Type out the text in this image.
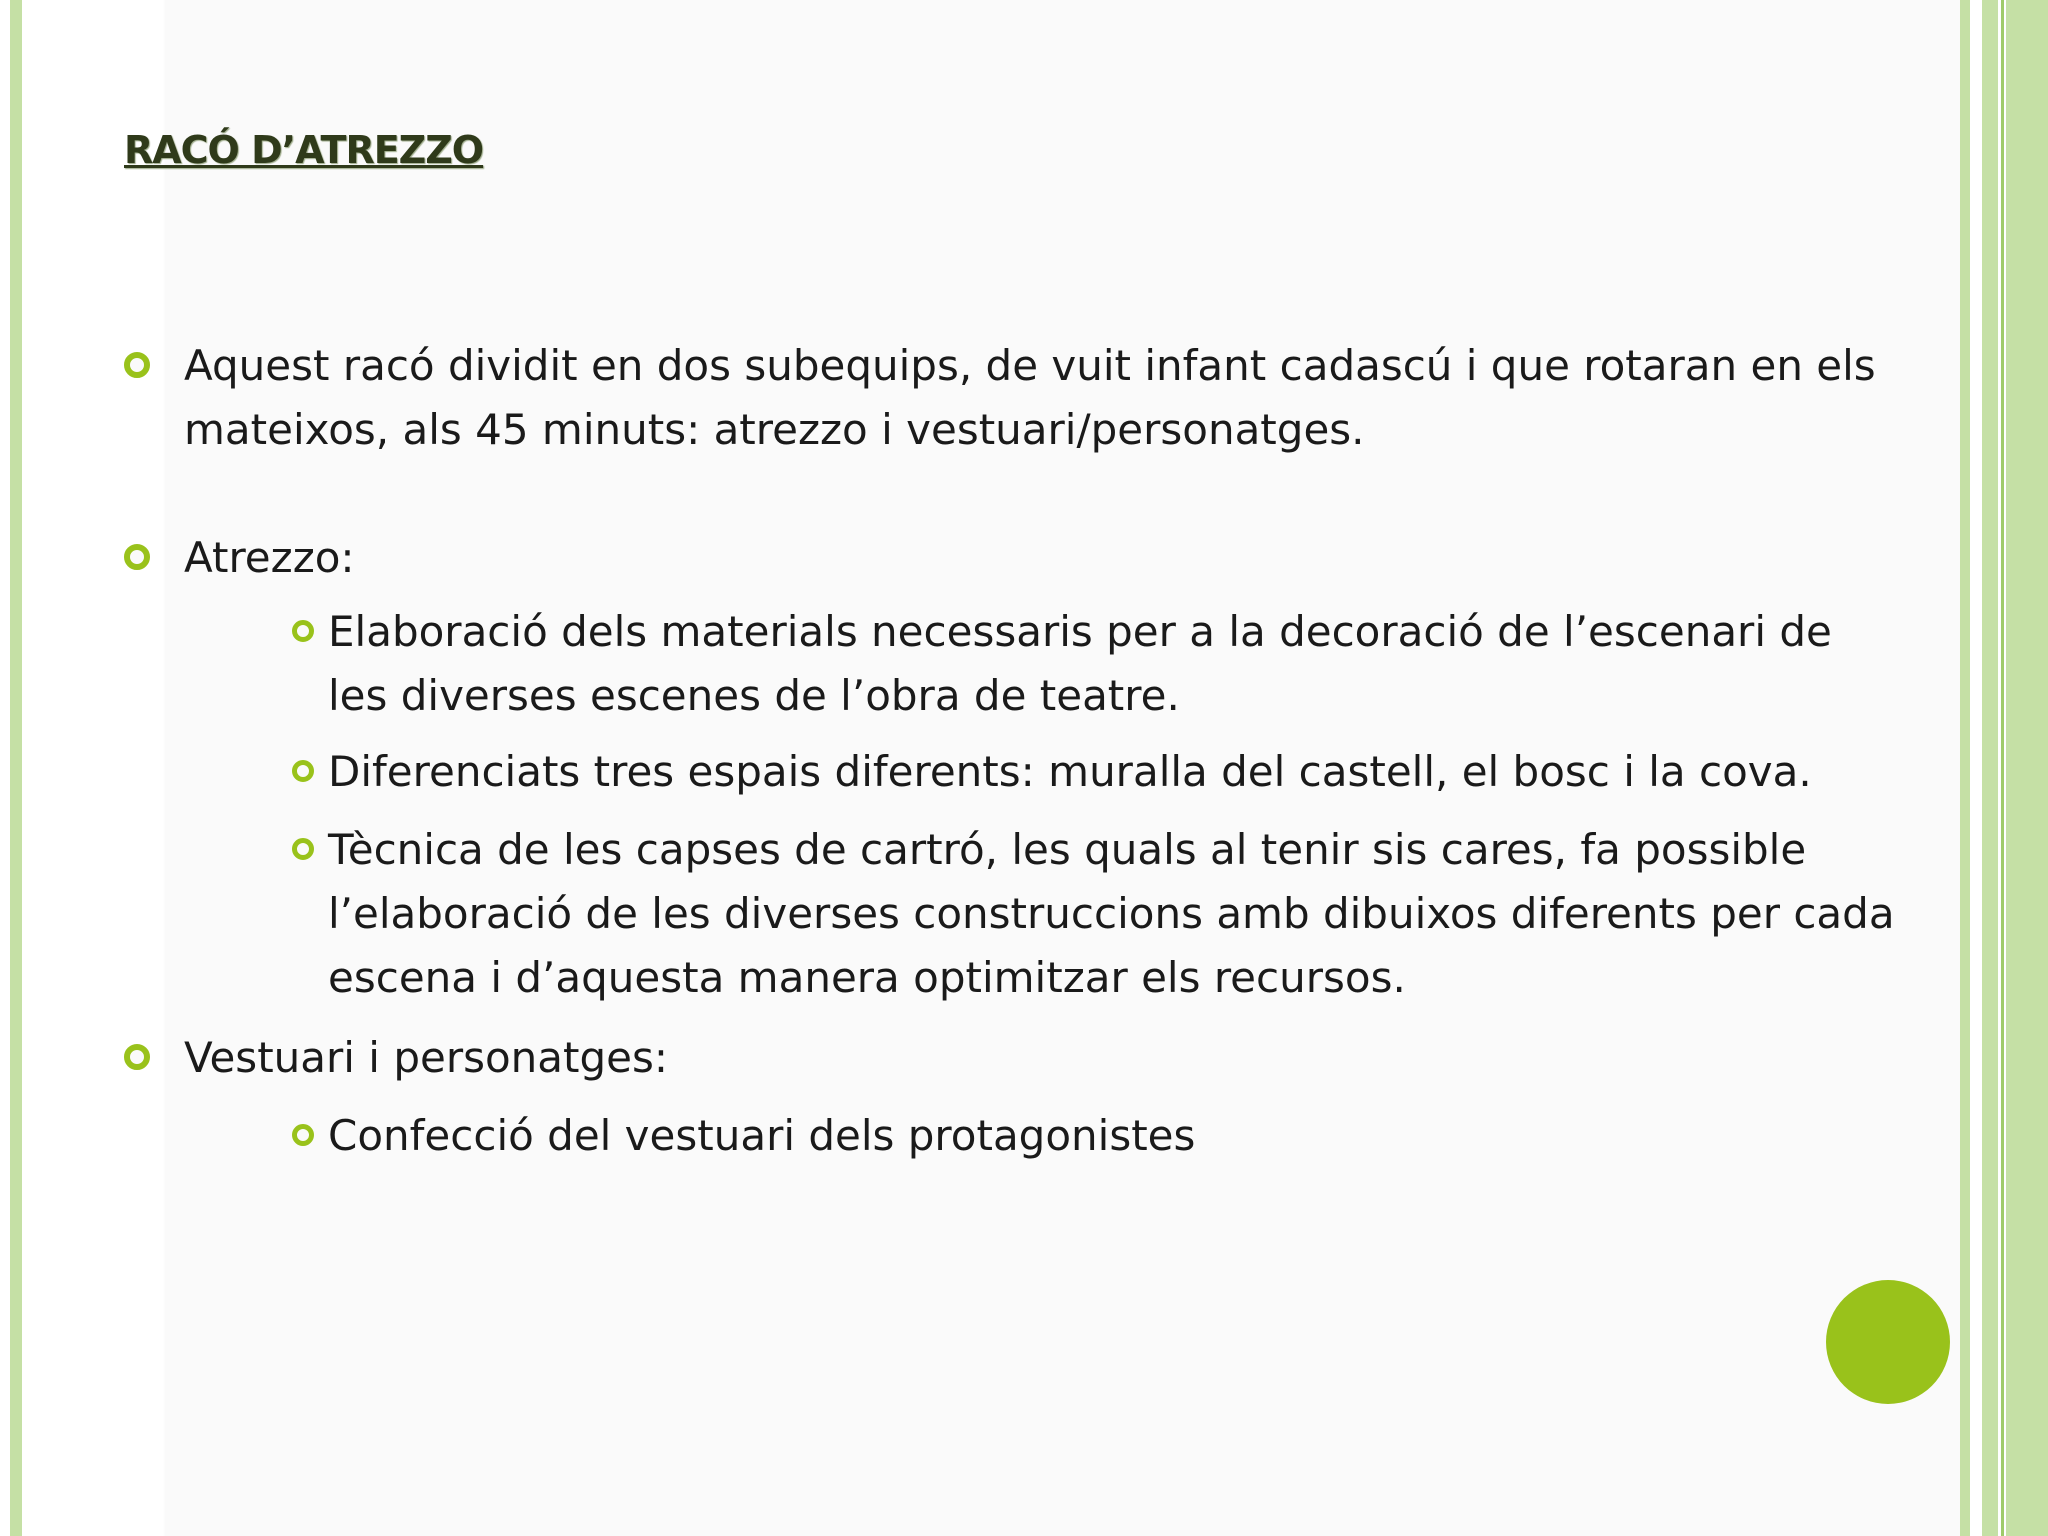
RACÓ D’ATREZZO
Aquest racó dividit en dos subequips, de vuit infant cadascú i que rotaran en els mateixos, als 45 minuts: atrezzo i vestuari/personatges.
Atrezzo:
Elaboració dels materials necessaris per a la decoració de l’escenari de les diverses escenes de l’obra de teatre.
Diferenciats tres espais diferents: muralla del castell, el bosc i la cova.
Tècnica de les capses de cartró, les quals al tenir sis cares, fa possible l’elaboració de les diverses construccions amb dibuixos diferents per cada escena i d’aquesta manera optimitzar els recursos.
Vestuari i personatges:
Confecció del vestuari dels protagonistes
